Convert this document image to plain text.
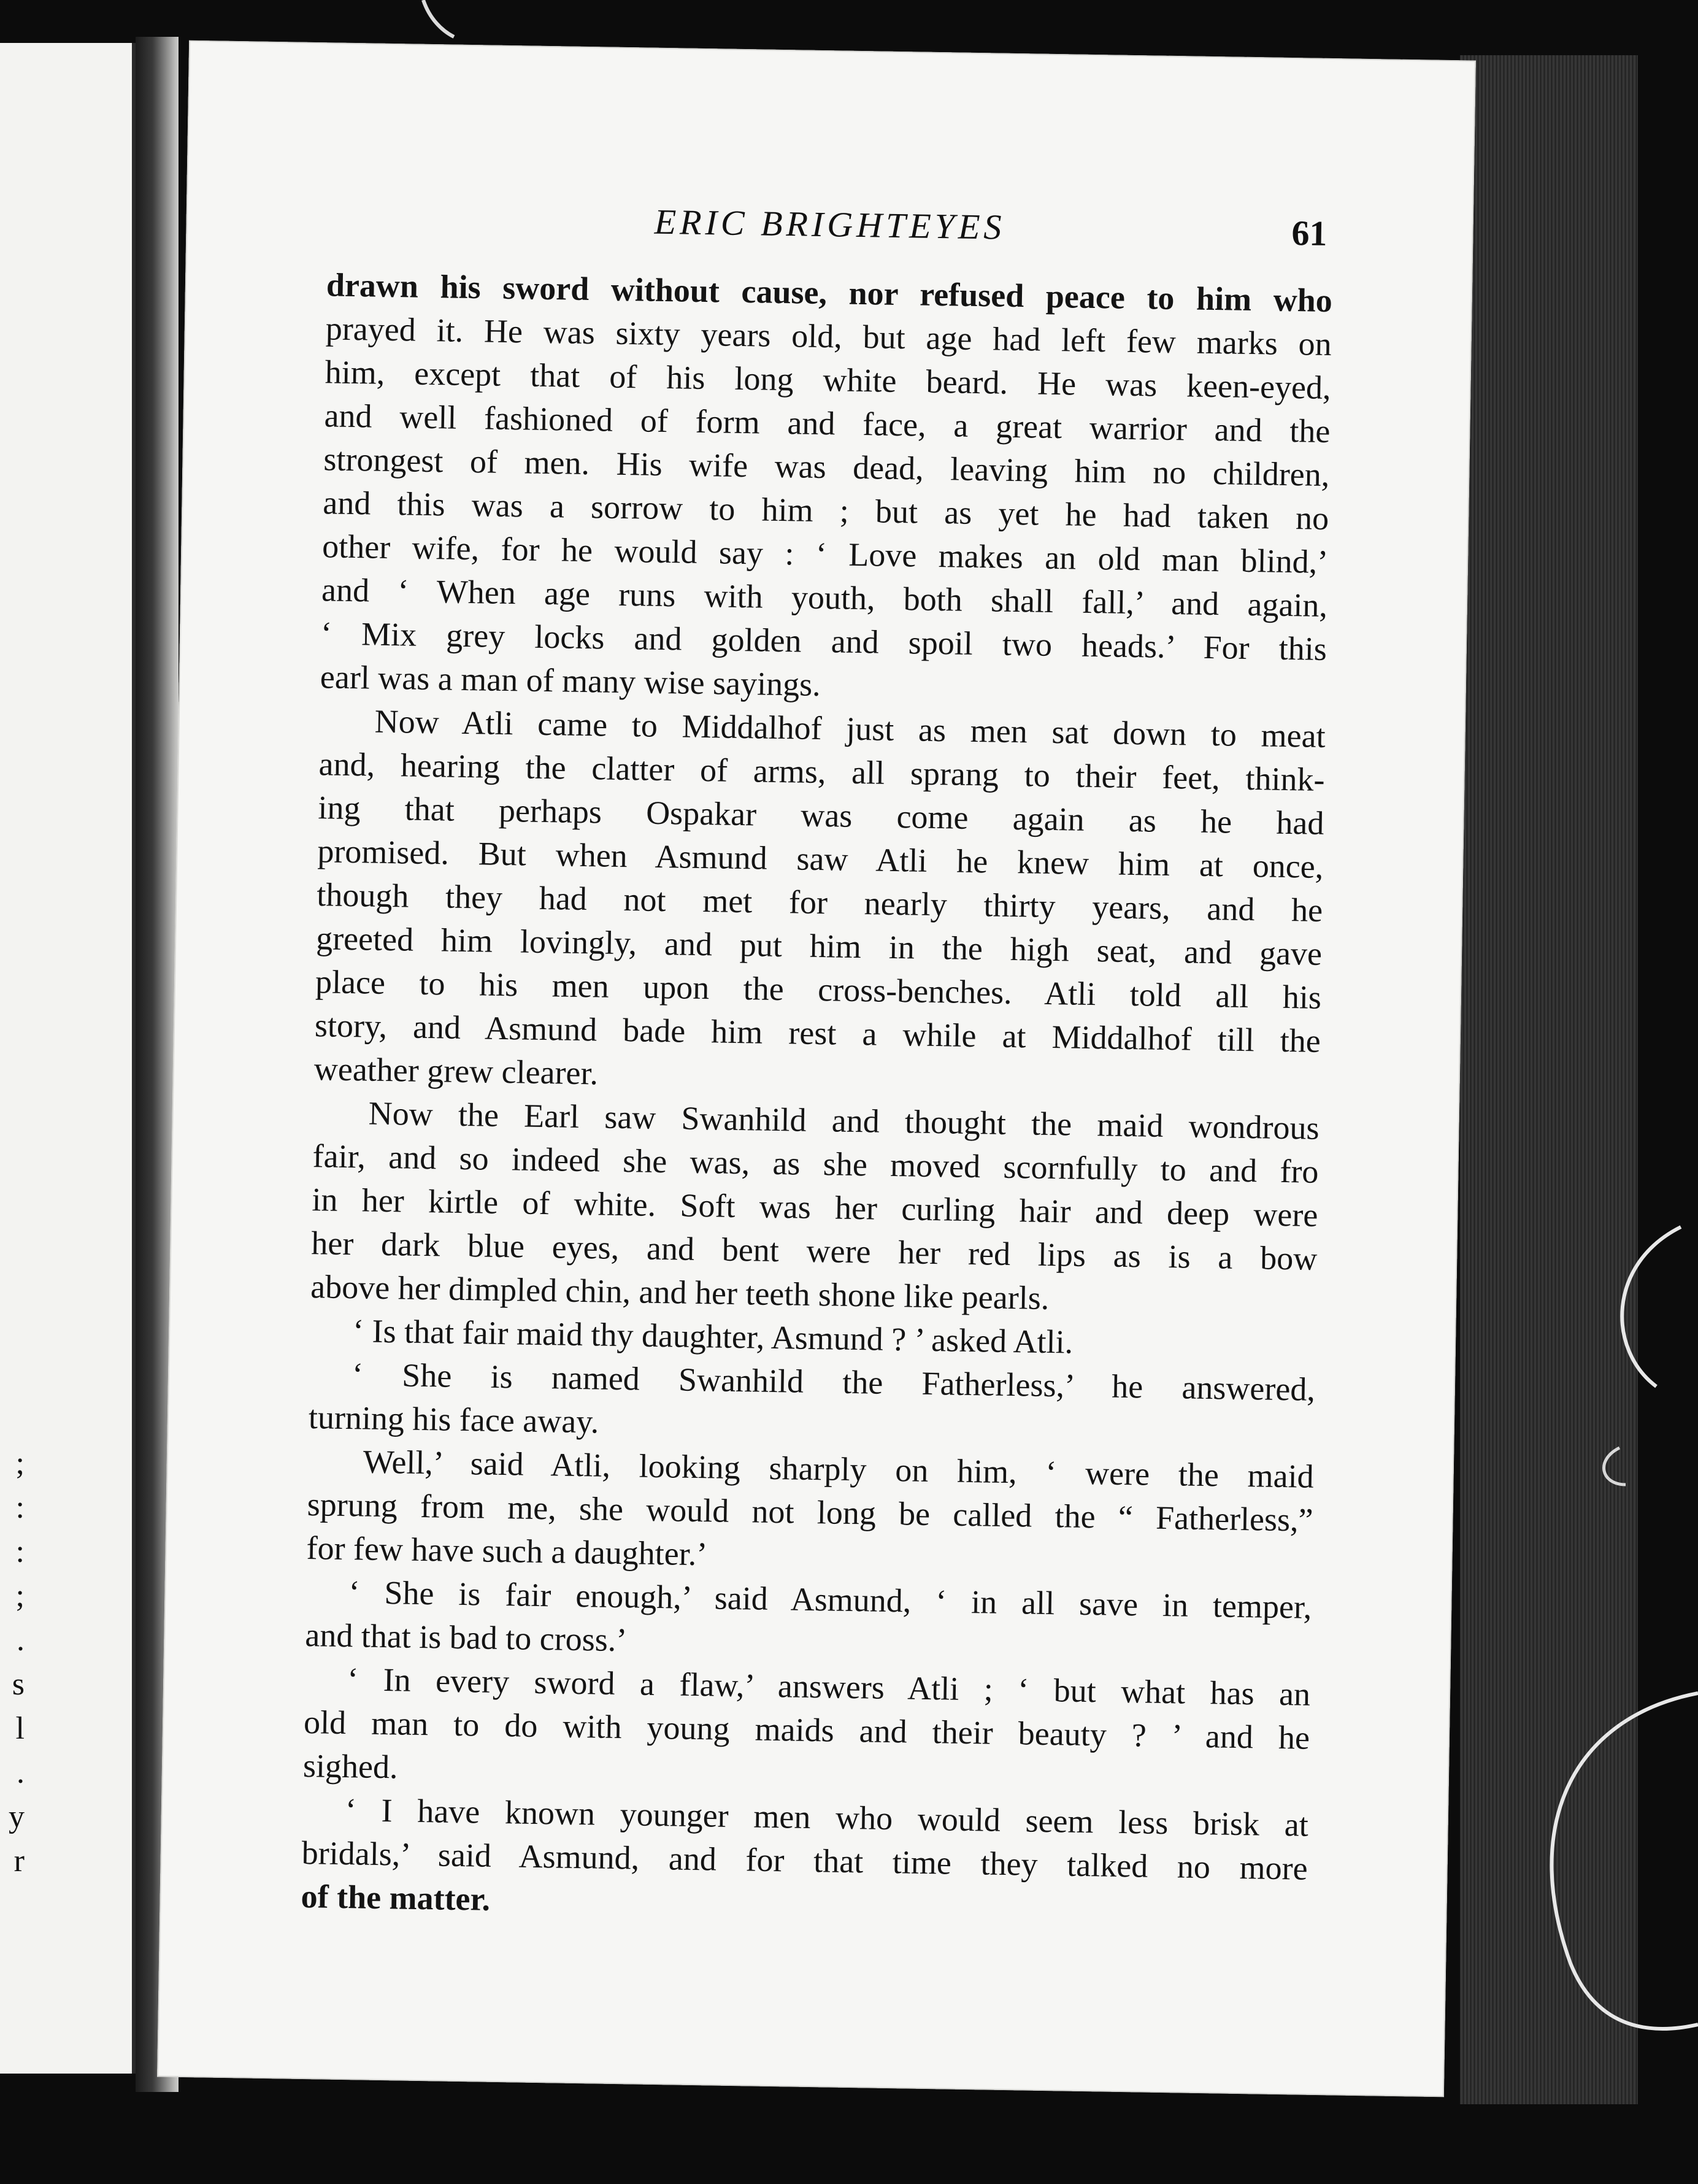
;
:
:
;
.
s
l
.
y
r
ERIC BRIGHTEYES	61
drawn his sword without cause, nor refused peace to him who
prayed it. He was sixty years old, but age had left few marks on
him, except that of his long white beard. He was keen-eyed,
and well fashioned of form and face, a great warrior and the
strongest of men. His wife was dead, leaving him no children,
and this was a sorrow to him ; but as yet he had taken no
other wife, for he would say : ‘ Love makes an old man blind,’
and ‘ When age runs with youth, both shall fall,’ and again,
‘ Mix grey locks and golden and spoil two heads.’ For this
earl was a man of many wise sayings.
Now Atli came to Middalhof just as men sat down to meat
and, hearing the clatter of arms, all sprang to their feet, think-
ing that perhaps Ospakar was come again as he had
promised. But when Asmund saw Atli he knew him at once,
though they had not met for nearly thirty years, and he
greeted him lovingly, and put him in the high seat, and gave
place to his men upon the cross-benches. Atli told all his
story, and Asmund bade him rest a while at Middalhof till the
weather grew clearer.
Now the Earl saw Swanhild and thought the maid wondrous
fair, and so indeed she was, as she moved scornfully to and fro
in her kirtle of white. Soft was her curling hair and deep were
her dark blue eyes, and bent were her red lips as is a bow
above her dimpled chin, and her teeth shone like pearls.
‘ Is that fair maid thy daughter, Asmund ? ’ asked Atli.
‘ She is named Swanhild the Fatherless,’ he answered,
turning his face away.
Well,’ said Atli, looking sharply on him, ‘ were the maid
sprung from me, she would not long be called the “ Fatherless,”
for few have such a daughter.’
‘ She is fair enough,’ said Asmund, ‘ in all save in temper,
and that is bad to cross.’
‘ In every sword a flaw,’ answers Atli ; ‘ but what has an
old man to do with young maids and their beauty ? ’ and he
sighed.
‘ I have known younger men who would seem less brisk at
bridals,’ said Asmund, and for that time they talked no more
of the matter.
